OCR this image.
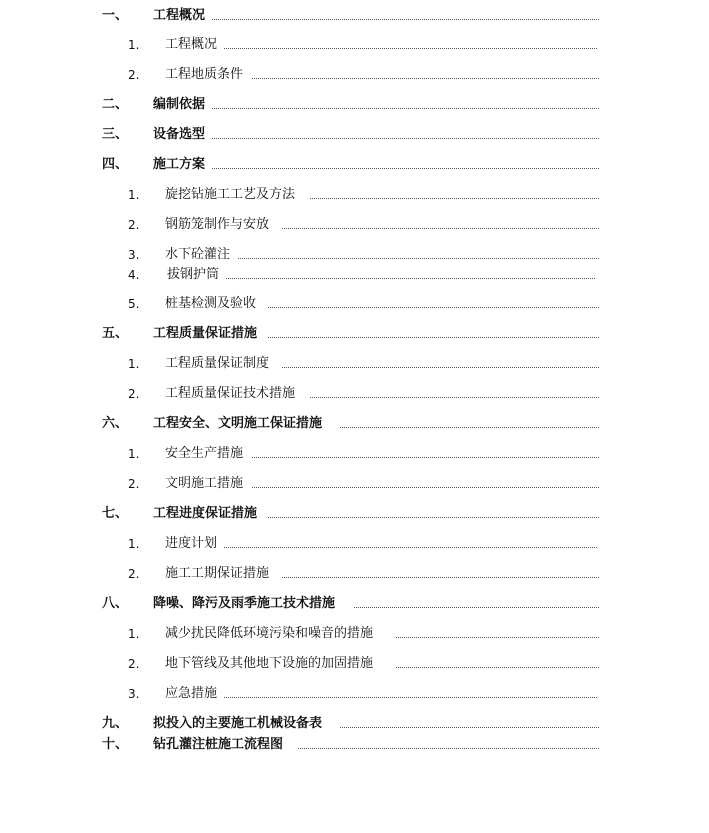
一、 工程概况
1. 工程概况
2. 工程地质条件
二、 编制依据
三、 设备选型
四、 施工方案
1. 旋挖钻施工工艺及方法
2. 钢筋笼制作与安放
3. 水下砼灌注
4. 拔钢护筒
5. 桩基检测及验收
五、 工程质量保证措施
1. 工程质量保证制度
2. 工程质量保证技术措施
六、 工程安全、文明施工保证措施
1. 安全生产措施
2. 文明施工措施
七、 工程进度保证措施
1. 进度计划
2. 施工工期保证措施
八、 降噪、降污及雨季施工技术措施
1. 减少扰民降低环境污染和噪音的措施
2. 地下管线及其他地下设施的加固措施
3. 应急措施
九、 拟投入的主要施工机械设备表
十、 钻孔灌注桩施工流程图
